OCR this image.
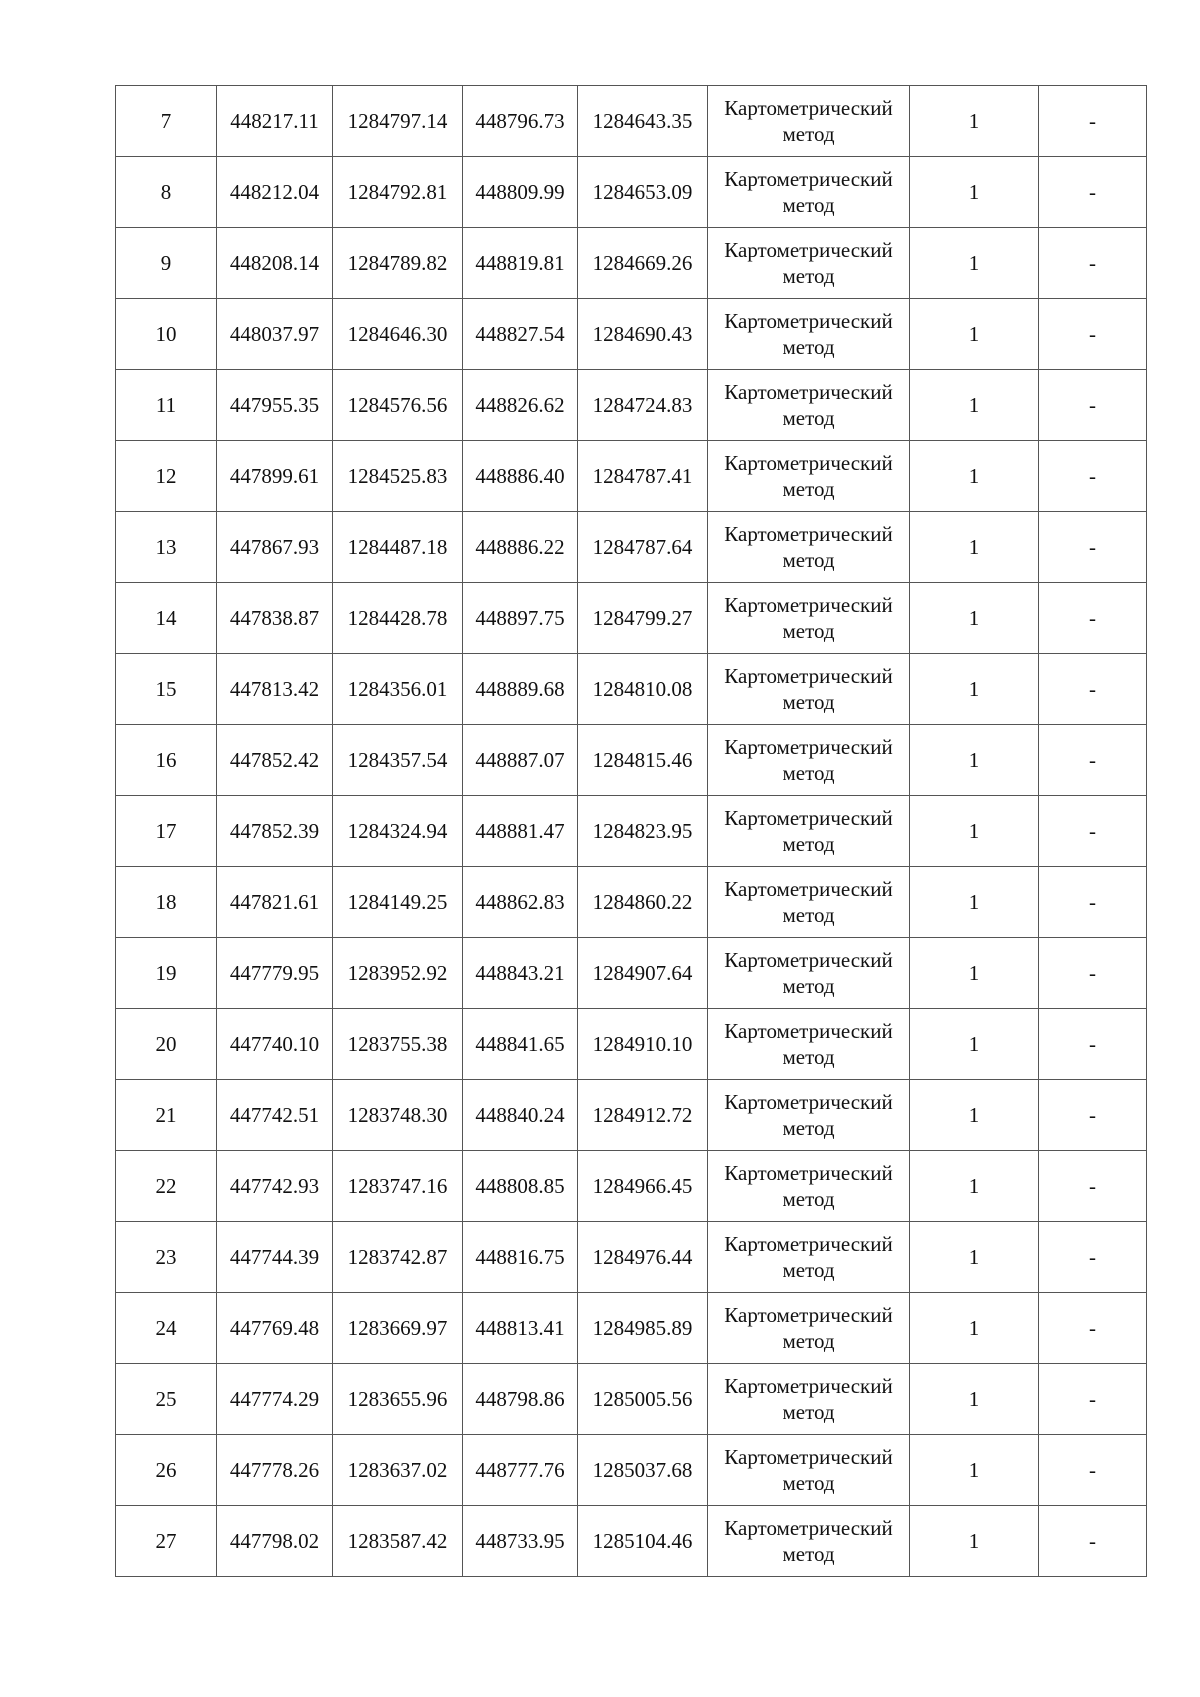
7	448217.11	1284797.14	448796.73	1284643.35	Картометрический метод	1	-
8	448212.04	1284792.81	448809.99	1284653.09	Картометрический метод	1	-
9	448208.14	1284789.82	448819.81	1284669.26	Картометрический метод	1	-
10	448037.97	1284646.30	448827.54	1284690.43	Картометрический метод	1	-
11	447955.35	1284576.56	448826.62	1284724.83	Картометрический метод	1	-
12	447899.61	1284525.83	448886.40	1284787.41	Картометрический метод	1	-
13	447867.93	1284487.18	448886.22	1284787.64	Картометрический метод	1	-
14	447838.87	1284428.78	448897.75	1284799.27	Картометрический метод	1	-
15	447813.42	1284356.01	448889.68	1284810.08	Картометрический метод	1	-
16	447852.42	1284357.54	448887.07	1284815.46	Картометрический метод	1	-
17	447852.39	1284324.94	448881.47	1284823.95	Картометрический метод	1	-
18	447821.61	1284149.25	448862.83	1284860.22	Картометрический метод	1	-
19	447779.95	1283952.92	448843.21	1284907.64	Картометрический метод	1	-
20	447740.10	1283755.38	448841.65	1284910.10	Картометрический метод	1	-
21	447742.51	1283748.30	448840.24	1284912.72	Картометрический метод	1	-
22	447742.93	1283747.16	448808.85	1284966.45	Картометрический метод	1	-
23	447744.39	1283742.87	448816.75	1284976.44	Картометрический метод	1	-
24	447769.48	1283669.97	448813.41	1284985.89	Картометрический метод	1	-
25	447774.29	1283655.96	448798.86	1285005.56	Картометрический метод	1	-
26	447778.26	1283637.02	448777.76	1285037.68	Картометрический метод	1	-
27	447798.02	1283587.42	448733.95	1285104.46	Картометрический метод	1	-
